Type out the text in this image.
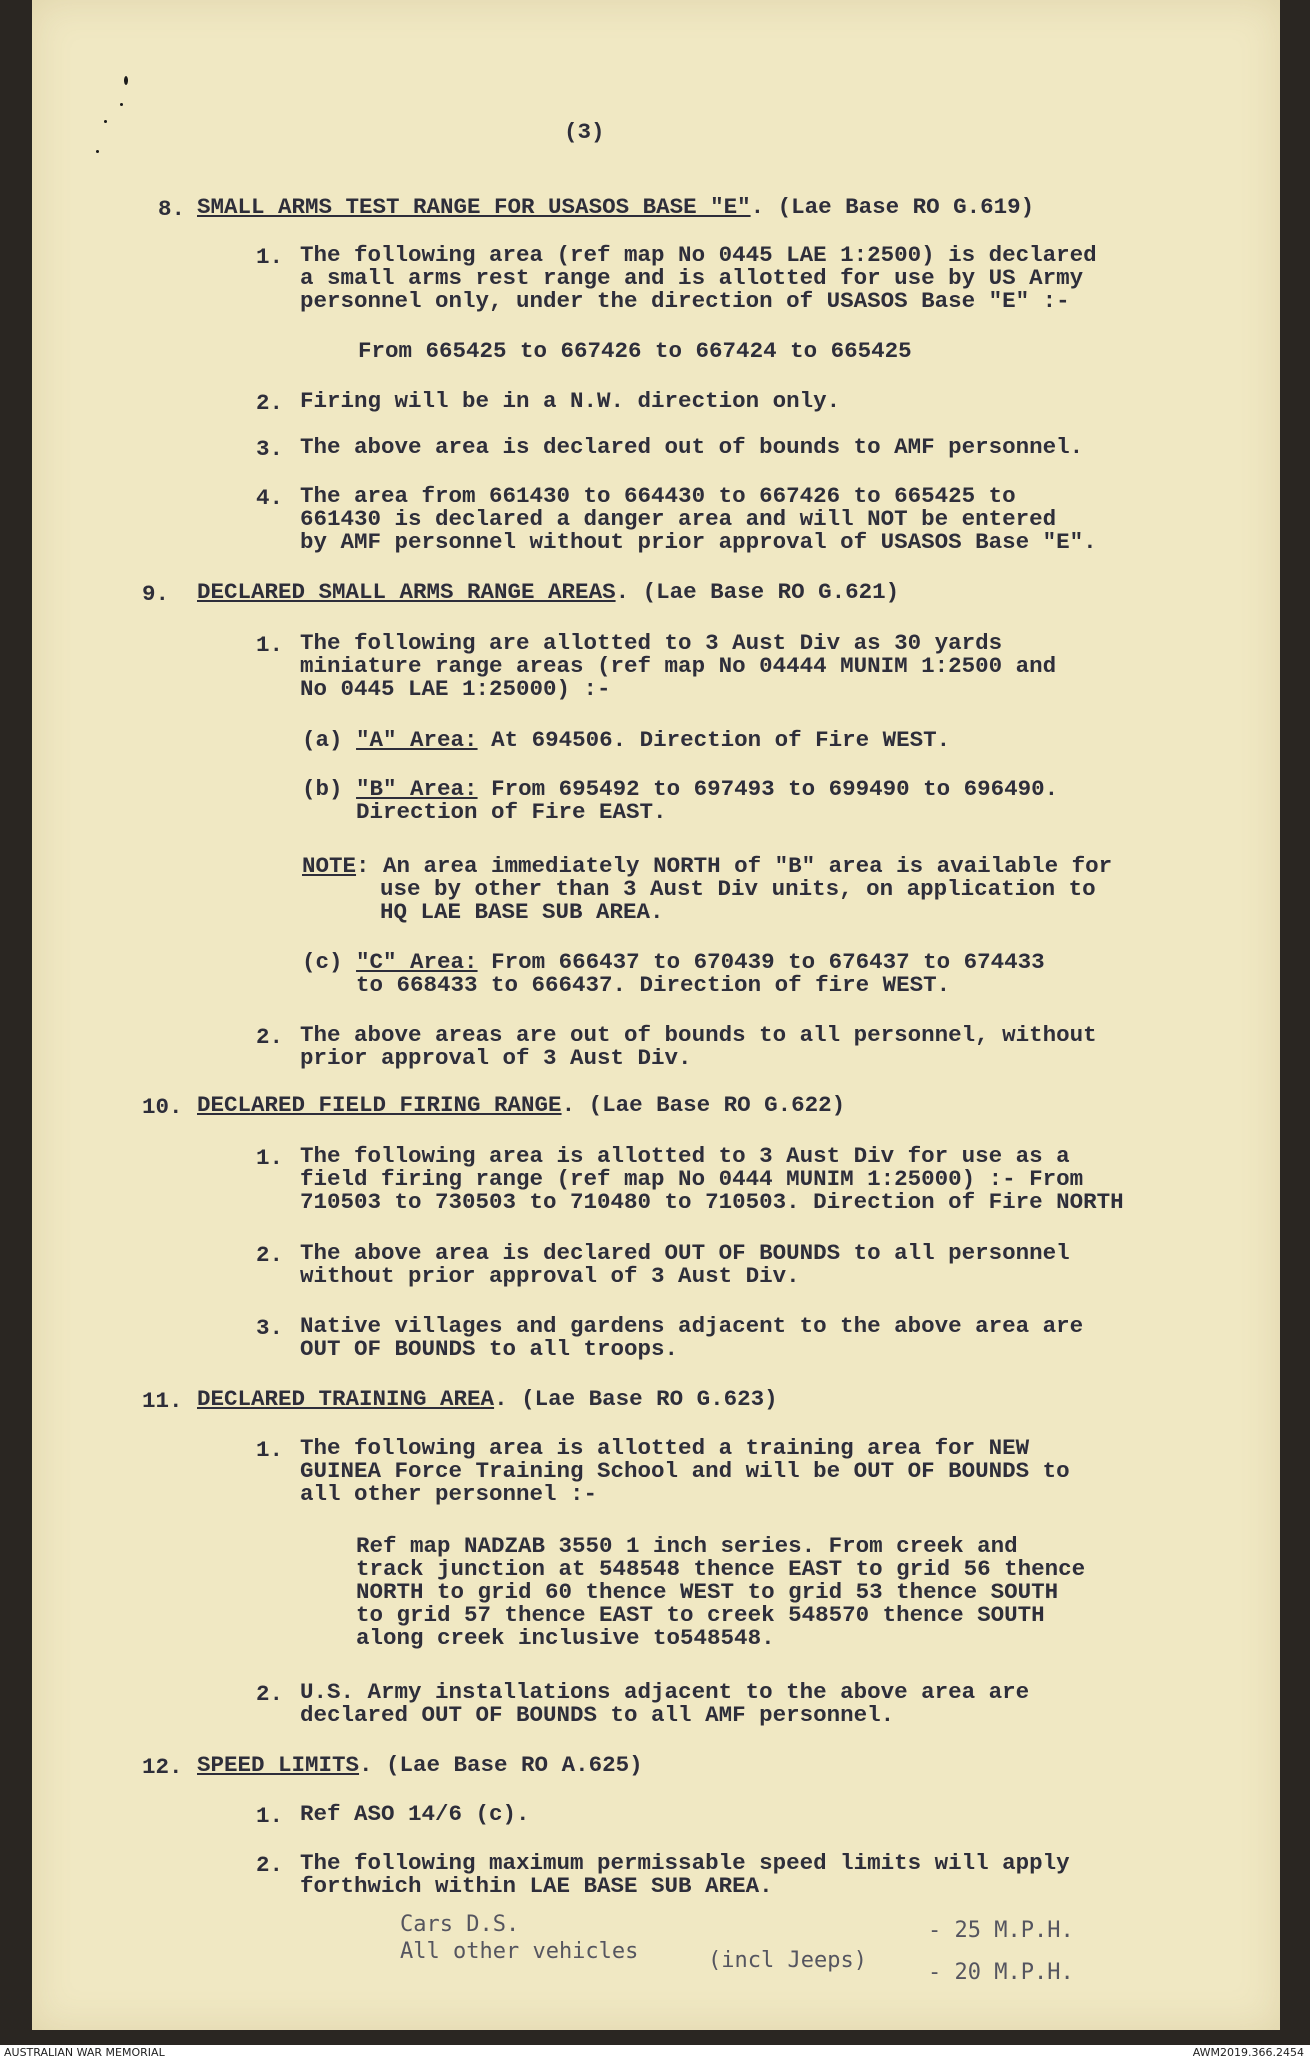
(3)
8. SMALL ARMS TEST RANGE FOR USASOS BASE "E". (Lae Base RO G.619)
1. The following area (ref map No 0445 LAE 1:2500) is declared
a small arms rest range and is allotted for use by US Army
personnel only, under the direction of USASOS Base "E" :-
From 665425 to 667426 to 667424 to 665425
2. Firing will be in a N.W. direction only.
3. The above area is declared out of bounds to AMF personnel.
4. The area from 661430 to 664430 to 667426 to 665425 to
661430 is declared a danger area and will NOT be entered
by AMF personnel without prior approval of USASOS Base "E".
9. DECLARED SMALL ARMS RANGE AREAS. (Lae Base RO G.621)
1. The following are allotted to 3 Aust Div as 30 yards
miniature range areas (ref map No 04444 MUNIM 1:2500 and
No 0445 LAE 1:25000) :-
(a) "A" Area: At 694506. Direction of Fire WEST.
(b) "B" Area: From 695492 to 697493 to 699490 to 696490.
Direction of Fire EAST.
NOTE: An area immediately NORTH of "B" area is available for
use by other than 3 Aust Div units, on application to
HQ LAE BASE SUB AREA.
(c) "C" Area: From 666437 to 670439 to 676437 to 674433
to 668433 to 666437. Direction of fire WEST.
2. The above areas are out of bounds to all personnel, without
prior approval of 3 Aust Div.
10. DECLARED FIELD FIRING RANGE. (Lae Base RO G.622)
1. The following area is allotted to 3 Aust Div for use as a
field firing range (ref map No 0444 MUNIM 1:25000) :- From
710503 to 730503 to 710480 to 710503. Direction of Fire NORTH
2. The above area is declared OUT OF BOUNDS to all personnel
without prior approval of 3 Aust Div.
3. Native villages and gardens adjacent to the above area are
OUT OF BOUNDS to all troops.
11. DECLARED TRAINING AREA. (Lae Base RO G.623)
1. The following area is allotted a training area for NEW
GUINEA Force Training School and will be OUT OF BOUNDS to
all other personnel :-
Ref map NADZAB 3550 1 inch series. From creek and
track junction at 548548 thence EAST to grid 56 thence
NORTH to grid 60 thence WEST to grid 53 thence SOUTH
to grid 57 thence EAST to creek 548570 thence SOUTH
along creek inclusive to548548.
2. U.S. Army installations adjacent to the above area are
declared OUT OF BOUNDS to all AMF personnel.
12. SPEED LIMITS. (Lae Base RO A.625)
1. Ref ASO 14/6 (c).
2. The following maximum permissable speed limits will apply
forthwich within LAE BASE SUB AREA.
Cars D.S.	- 25 M.P.H.
All other vehicles	(incl Jeeps)	- 20 M.P.H.
AUSTRALIAN WAR MEMORIAL	AWM2019.366.2454
